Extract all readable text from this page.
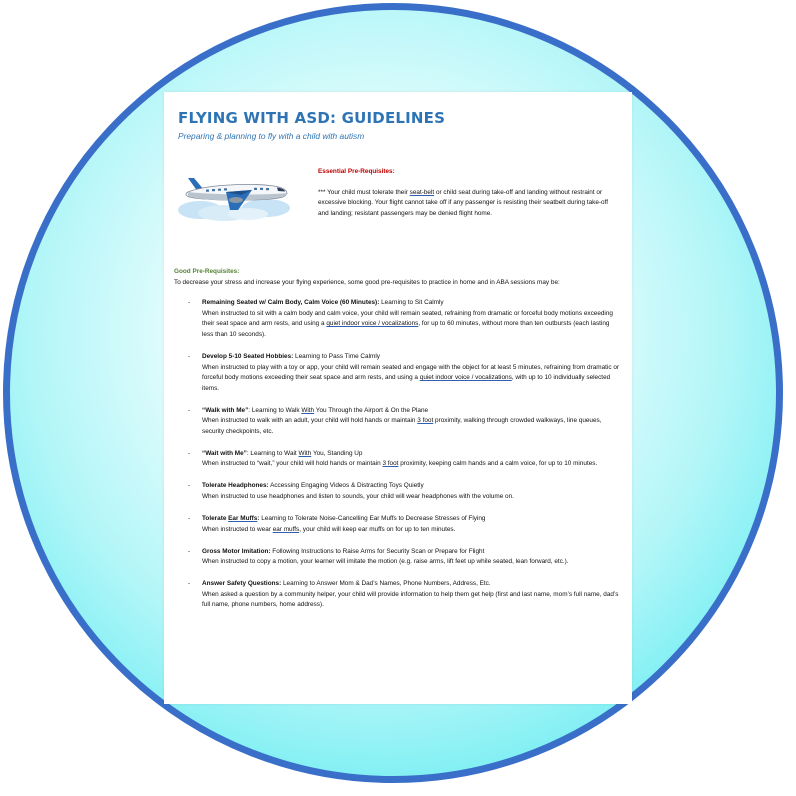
FLYING WITH ASD: GUIDELINES
Preparing & planning to fly with a child with autism
Essential Pre-Requisites:
*** Your child must tolerate their seat-belt or child seat during take-off and landing without restraint or excessive blocking. Your flight cannot take off if any passenger is resisting their seatbelt during take-off and landing; resistant passengers may be denied flight home.
Good Pre-Requisites:
To decrease your stress and increase your flying experience, some good pre-requisites to practice in home and in ABA sessions may be:
- Remaining Seated w/ Calm Body, Calm Voice (60 Minutes): Learning to Sit Calmly
When instructed to sit with a calm body and calm voice, your child will remain seated, refraining from dramatic or forceful body motions exceeding their seat space and arm rests, and using a quiet indoor voice / vocalizations, for up to 60 minutes, without more than ten outbursts (each lasting less than 10 seconds).
- Develop 5-10 Seated Hobbies: Learning to Pass Time Calmly
When instructed to play with a toy or app, your child will remain seated and engage with the object for at least 5 minutes, refraining from dramatic or forceful body motions exceeding their seat space and arm rests, and using a quiet indoor voice / vocalizations, with up to 10 individually selected items.
- “Walk with Me”: Learning to Walk With You Through the Airport & On the Plane
When instructed to walk with an adult, your child will hold hands or maintain 3 foot proximity, walking through crowded walkways, line queues, security checkpoints, etc.
- “Wait with Me”: Learning to Wait With You, Standing Up
When instructed to “wait,” your child will hold hands or maintain 3 foot proximity, keeping calm hands and a calm voice, for up to 10 minutes.
- Tolerate Headphones: Accessing Engaging Videos & Distracting Toys Quietly
When instructed to use headphones and listen to sounds, your child will wear headphones with the volume on.
- Tolerate Ear Muffs: Learning to Tolerate Noise-Cancelling Ear Muffs to Decrease Stresses of Flying
When instructed to wear ear muffs, your child will keep ear muffs on for up to ten minutes.
- Gross Motor Imitation: Following Instructions to Raise Arms for Security Scan or Prepare for Flight
When instructed to copy a motion, your learner will imitate the motion (e.g. raise arms, lift feet up while seated, lean forward, etc.).
- Answer Safety Questions: Learning to Answer Mom & Dad’s Names, Phone Numbers, Address, Etc.
When asked a question by a community helper, your child will provide information to help them get help (first and last name, mom’s full name, dad’s full name, phone numbers, home address).
